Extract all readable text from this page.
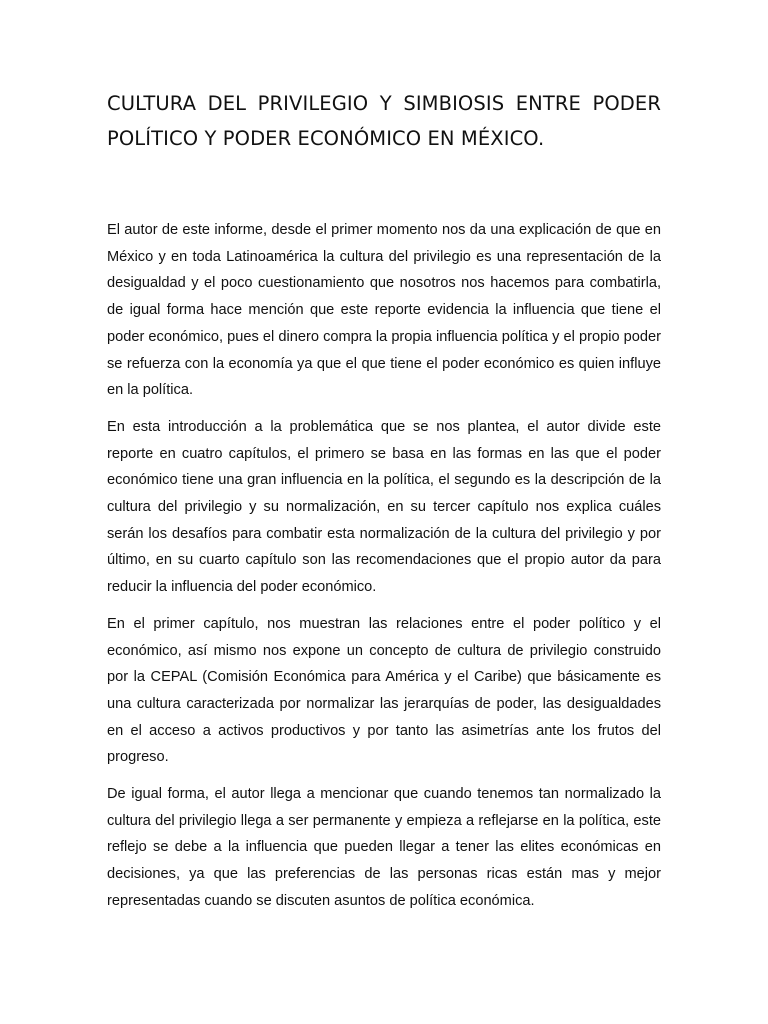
CULTURA DEL PRIVILEGIO Y SIMBIOSIS ENTRE PODER POLÍTICO Y PODER ECONÓMICO EN MÉXICO.

El autor de este informe, desde el primer momento nos da una explicación de que en México y en toda Latinoamérica la cultura del privilegio es una representación de la desigualdad y el poco cuestionamiento que nosotros nos hacemos para combatirla, de igual forma hace mención que este reporte evidencia la influencia que tiene el poder económico, pues el dinero compra la propia influencia política y el propio poder se refuerza con la economía ya que el que tiene el poder económico es quien influye en la política.

En esta introducción a la problemática que se nos plantea, el autor divide este reporte en cuatro capítulos, el primero se basa en las formas en las que el poder económico tiene una gran influencia en la política, el segundo es la descripción de la cultura del privilegio y su normalización, en su tercer capítulo nos explica cuáles serán los desafíos para combatir esta normalización de la cultura del privilegio y por último, en su cuarto capítulo son las recomendaciones que el propio autor da para reducir la influencia del poder económico.

En el primer capítulo, nos muestran las relaciones entre el poder político y el económico, así mismo nos expone un concepto de cultura de privilegio construido por la CEPAL (Comisión Económica para América y el Caribe) que básicamente es una cultura caracterizada por normalizar las jerarquías de poder, las desigualdades en el acceso a activos productivos y por tanto las asimetrías ante los frutos del progreso.

De igual forma, el autor llega a mencionar que cuando tenemos tan normalizado la cultura del privilegio llega a ser permanente y empieza a reflejarse en la política, este reflejo se debe a la influencia que pueden llegar a tener las elites económicas en decisiones, ya que las preferencias de las personas ricas están mas y mejor representadas cuando se discuten asuntos de política económica.
